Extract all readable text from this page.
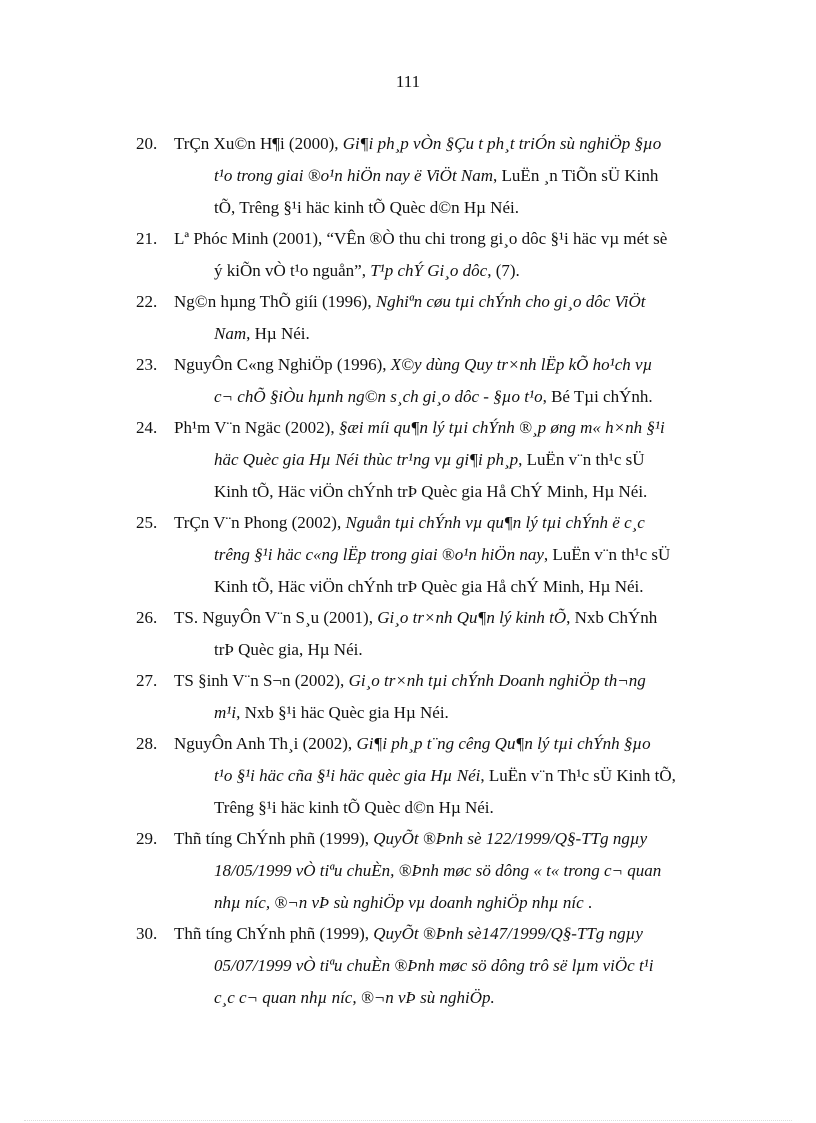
111
20. TrÇn Xu©n H¶i (2000), Gi¶i ph¸p vÒn §Çu t ph¸t triÓn sù nghiÖp §µo
t¹o trong giai ®o¹n hiÖn nay ë ViÖt Nam, LuËn ¸n TiÕn sÜ Kinh
tÕ, Trêng §¹i häc kinh tÕ Quèc d©n Hµ Néi.
21. Lª Phóc Minh (2001), “VÊn ®Ò thu chi trong gi¸o dôc §¹i häc vµ mét sè
ý kiÕn vÒ t¹o nguån”, T¹p chÝ Gi¸o dôc, (7).
22. Ng©n hµng ThÕ giíi (1996), Nghiªn cøu tµi chÝnh cho gi¸o dôc ViÖt
Nam, Hµ Néi.
23. NguyÔn C«ng NghiÖp (1996), X©y dùng Quy tr×nh lËp kÕ ho¹ch vµ
c¬ chÕ §iÒu hµnh ng©n s¸ch gi¸o dôc - §µo t¹o, Bé Tµi chÝnh.
24. Ph¹m V¨n Ngäc (2002), §æi míi qu¶n lý tµi chÝnh ®¸p øng m« h×nh §¹i
häc Quèc gia Hµ Néi thùc tr¹ng vµ gi¶i ph¸p, LuËn v¨n th¹c sÜ
Kinh tÕ, Häc viÖn chÝnh trÞ Quèc gia Hå ChÝ Minh, Hµ Néi.
25. TrÇn V¨n Phong (2002), Nguån tµi chÝnh vµ qu¶n lý tµi chÝnh ë c¸c
trêng §¹i häc c«ng lËp trong giai ®o¹n hiÖn nay, LuËn v¨n th¹c sÜ
Kinh tÕ, Häc viÖn chÝnh trÞ Quèc gia Hå chÝ Minh, Hµ Néi.
26. TS. NguyÔn V¨n S¸u (2001), Gi¸o tr×nh Qu¶n lý kinh tÕ, Nxb ChÝnh
trÞ Quèc gia, Hµ Néi.
27. TS §inh V¨n S¬n (2002), Gi¸o tr×nh tµi chÝnh Doanh nghiÖp th¬ng
m¹i, Nxb §¹i häc Quèc gia Hµ Néi.
28. NguyÔn Anh Th¸i (2002), Gi¶i ph¸p t¨ng cêng Qu¶n lý tµi chÝnh §µo
t¹o §¹i häc cña §¹i häc quèc gia Hµ Néi, LuËn v¨n Th¹c sÜ Kinh tÕ,
Trêng §¹i häc kinh tÕ Quèc d©n Hµ Néi.
29. Thñ tíng ChÝnh phñ (1999), QuyÕt ®Þnh sè 122/1999/Q§-TTg ngµy
18/05/1999 vÒ tiªu chuÈn, ®Þnh møc sö dông « t« trong c¬ quan
nhµ níc, ®¬n vÞ sù nghiÖp vµ doanh nghiÖp nhµ níc .
30. Thñ tíng ChÝnh phñ (1999), QuyÕt ®Þnh sè147/1999/Q§-TTg ngµy
05/07/1999 vÒ tiªu chuÈn ®Þnh møc sö dông trô së lµm viÖc t¹i
c¸c c¬ quan nhµ níc, ®¬n vÞ sù nghiÖp.
